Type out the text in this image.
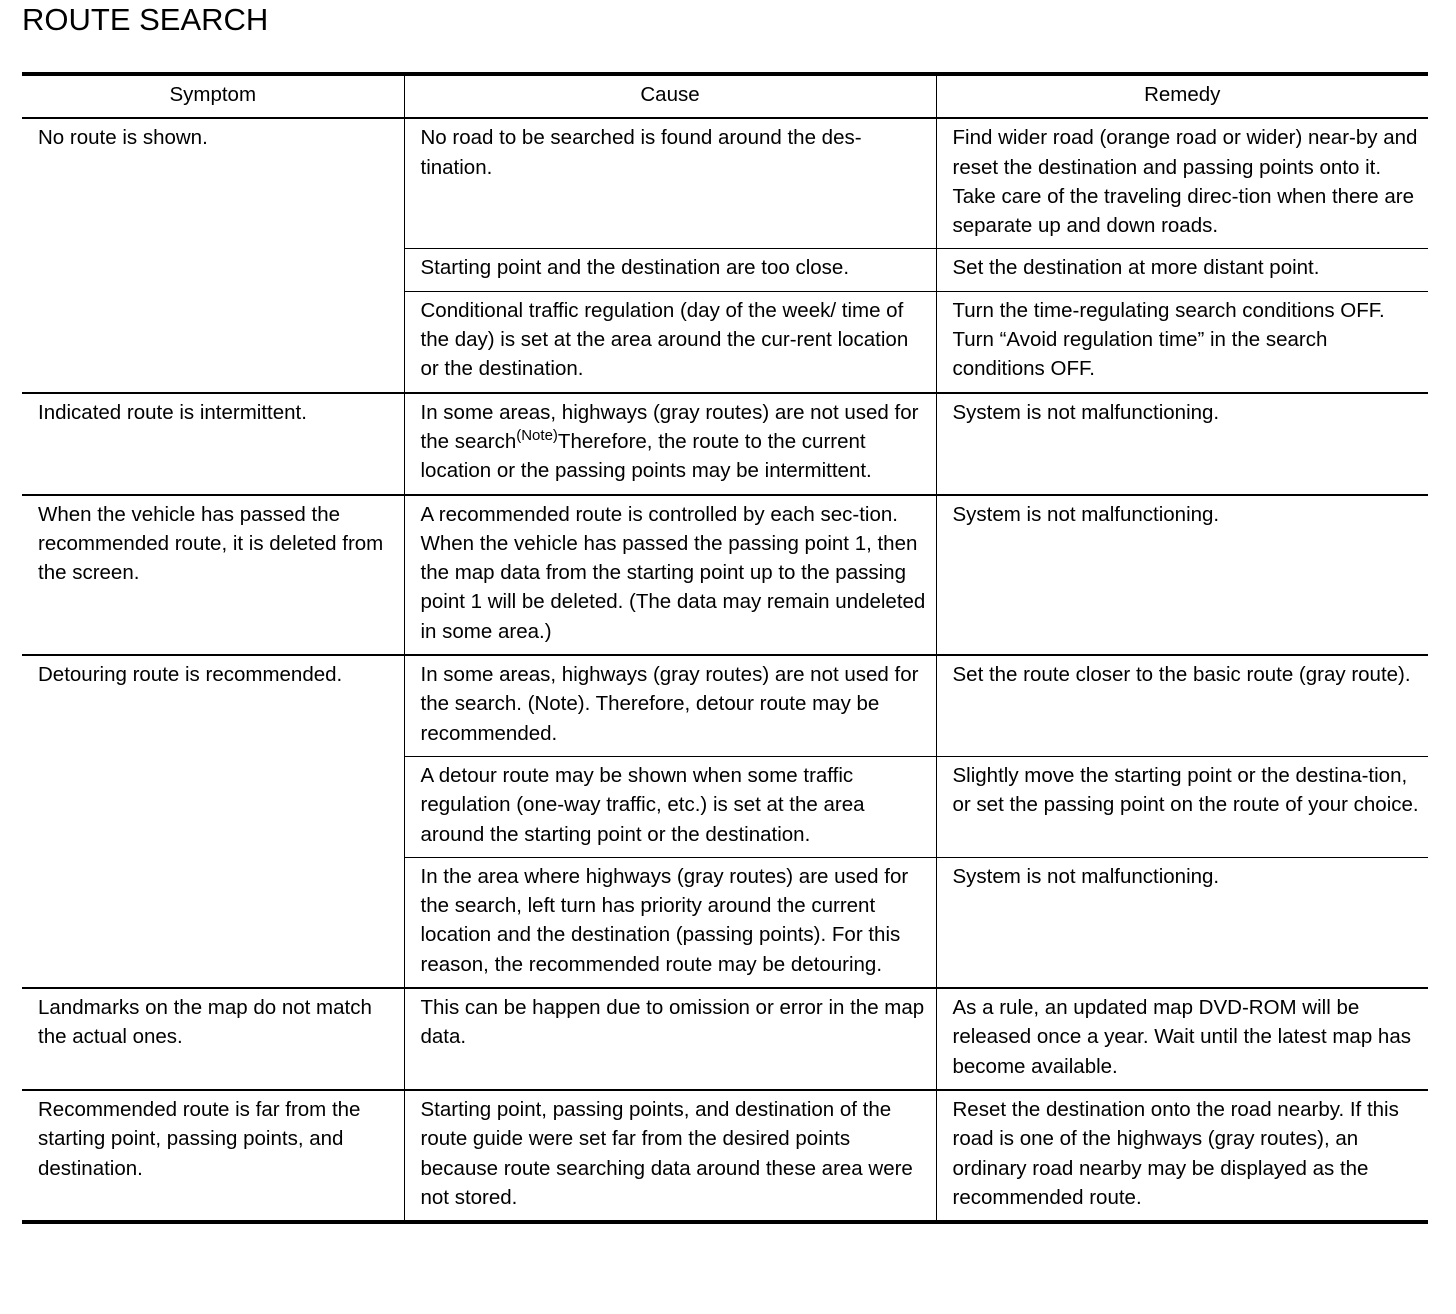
ROUTE SEARCH
Symptom	Cause	Remedy
No route is shown.	No road to be searched is found around the des-tination.	Find wider road (orange road or wider) near-by and reset the destination and passing points onto it. Take care of the traveling direc-tion when there are separate up and down roads.
	Starting point and the destination are too close.	Set the destination at more distant point.
	Conditional traffic regulation (day of the week/ time of the day) is set at the area around the cur-rent location or the destination.	Turn the time-regulating search conditions OFF. Turn “Avoid regulation time” in the search conditions OFF.
Indicated route is intermittent.	In some areas, highways (gray routes) are not used for the search$^{(Note)}$Therefore, the route to the current location or the passing points may be intermittent.	System is not malfunctioning.
When the vehicle has passed the recommended route, it is deleted from the screen.	A recommended route is controlled by each sec-tion. When the vehicle has passed the passing point 1, then the map data from the starting point up to the passing point 1 will be deleted. (The data may remain undeleted in some area.)	System is not malfunctioning.
Detouring route is recommended.	In some areas, highways (gray routes) are not used for the search. (Note). Therefore, detour route may be recommended.	Set the route closer to the basic route (gray route).
	A detour route may be shown when some traffic regulation (one-way traffic, etc.) is set at the area around the starting point or the destination.	Slightly move the starting point or the destina-tion, or set the passing point on the route of your choice.
	In the area where highways (gray routes) are used for the search, left turn has priority around the current location and the destination (passing points). For this reason, the recommended route may be detouring.	System is not malfunctioning.
Landmarks on the map do not match the actual ones.	This can be happen due to omission or error in the map data.	As a rule, an updated map DVD-ROM will be released once a year. Wait until the latest map has become available.
Recommended route is far from the starting point, passing points, and destination.	Starting point, passing points, and destination of the route guide were set far from the desired points because route searching data around these area were not stored.	Reset the destination onto the road nearby. If this road is one of the highways (gray routes), an ordinary road nearby may be displayed as the recommended route.
